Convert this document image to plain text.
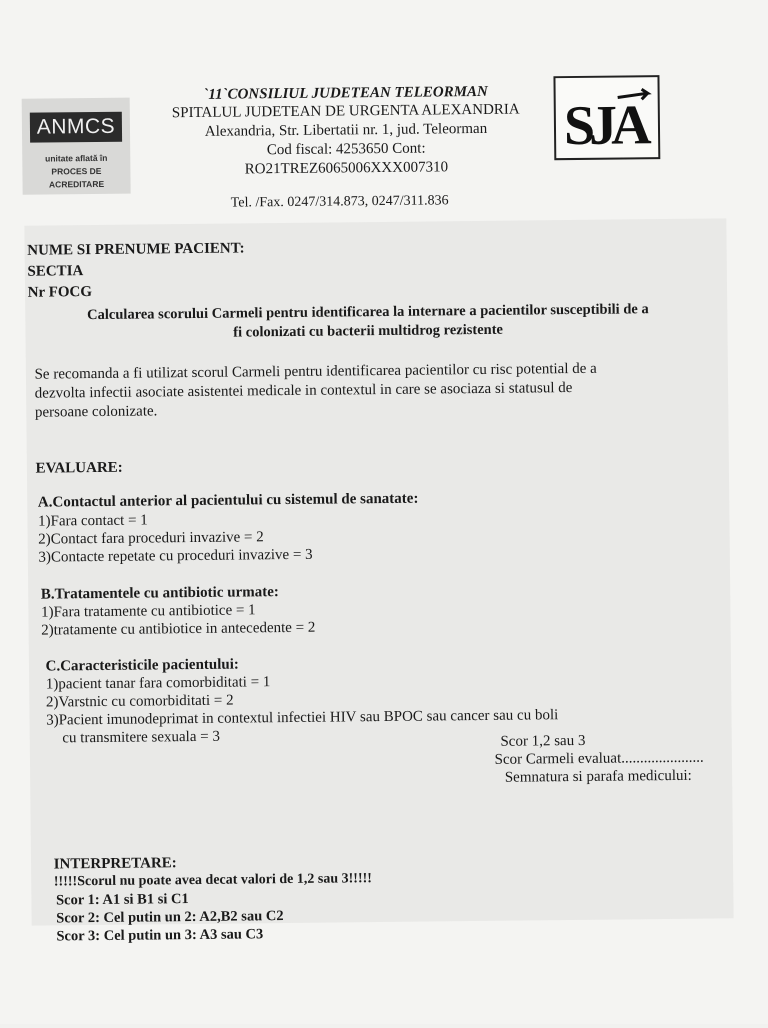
ANMCS
unitate aflată în
PROCES DE ACREDITARE
`11`CONSILIUL JUDETEAN TELEORMAN
SPITALUL JUDETEAN DE URGENTA ALEXANDRIA
Alexandria, Str. Libertatii nr. 1, jud. Teleorman
Cod fiscal: 4253650 Cont:
RO21TREZ6065006XXX007310
Tel. /Fax. 0247/314.873, 0247/311.836
SJA
NUME SI PRENUME PACIENT:
SECTIA
Nr FOCG
Calcularea scorului Carmeli pentru identificarea la internare a pacientilor susceptibili de a
fi colonizati cu bacterii multidrog rezistente
Se recomanda a fi utilizat scorul Carmeli pentru identificarea pacientilor cu risc potential de a
dezvolta infectii asociate asistentei medicale in contextul in care se asociaza si statusul de
persoane colonizate.
EVALUARE:
A.Contactul anterior al pacientului cu sistemul de sanatate:
1)Fara contact = 1
2)Contact fara proceduri invazive = 2
3)Contacte repetate cu proceduri invazive = 3
B.Tratamentele cu antibiotic urmate:
1)Fara tratamente cu antibiotice = 1
2)tratamente cu antibiotice in antecedente = 2
C.Caracteristicile pacientului:
1)pacient tanar fara comorbiditati = 1
2)Varstnic cu comorbiditati = 2
3)Pacient imunodeprimat in contextul infectiei HIV sau BPOC sau cancer sau cu boli
cu transmitere sexuala = 3	Scor 1,2 sau 3
Scor Carmeli evaluat......................
Semnatura si parafa medicului:
INTERPRETARE:
!!!!!Scorul nu poate avea decat valori de 1,2 sau 3!!!!!
Scor 1: A1 si B1 si C1
Scor 2: Cel putin un 2: A2,B2 sau C2
Scor 3: Cel putin un 3: A3 sau C3
